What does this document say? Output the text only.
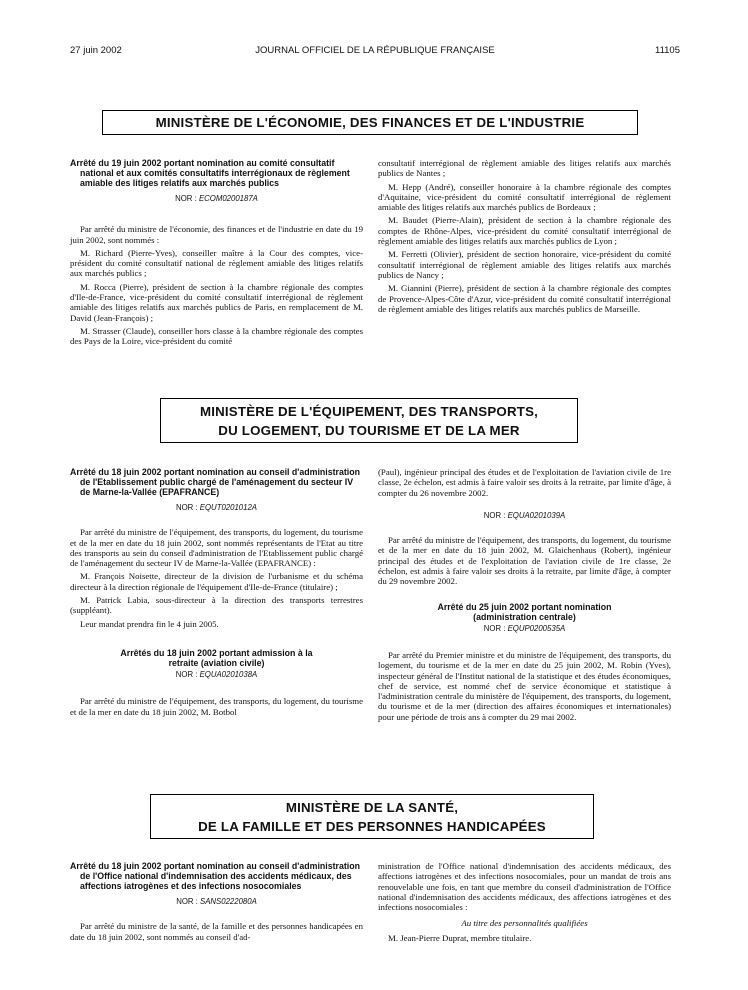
27 juin 2002	JOURNAL OFFICIEL DE LA RÉPUBLIQUE FRANÇAISE	11105
MINISTÈRE DE L'ÉCONOMIE, DES FINANCES ET DE L'INDUSTRIE
Arrêté du 19 juin 2002 portant nomination au comité consultatif national et aux comités consultatifs interrégionaux de règlement amiable des litiges relatifs aux marchés publics
NOR : ECOM0200187A

Par arrêté du ministre de l'économie, des finances et de l'industrie en date du 19 juin 2002, sont nommés :

M. Richard (Pierre-Yves), conseiller maître à la Cour des comptes, vice-président du comité consultatif national de règlement amiable des litiges relatifs aux marchés publics ;

M. Rocca (Pierre), président de section à la chambre régionale des comptes d'Ile-de-France, vice-président du comité consultatif interrégional de règlement amiable des litiges relatifs aux marchés publics de Paris, en remplacement de M. David (Jean-François) ;

M. Strasser (Claude), conseiller hors classe à la chambre régionale des comptes des Pays de la Loire, vice-président du comité

consultatif interrégional de règlement amiable des litiges relatifs aux marchés publics de Nantes ;

M. Hepp (André), conseiller honoraire à la chambre régionale des comptes d'Aquitaine, vice-président du comité consultatif interrégional de règlement amiable des litiges relatifs aux marchés publics de Bordeaux ;

M. Baudet (Pierre-Alain), président de section à la chambre régionale des comptes de Rhône-Alpes, vice-président du comité consultatif interrégional de règlement amiable des litiges relatifs aux marchés publics de Lyon ;

M. Ferretti (Olivier), président de section honoraire, vice-président du comité consultatif interrégional de règlement amiable des litiges relatifs aux marchés publics de Nancy ;

M. Giannini (Pierre), président de section à la chambre régionale des comptes de Provence-Alpes-Côte d'Azur, vice-président du comité consultatif interrégional de règlement amiable des litiges relatifs aux marchés publics de Marseille.

MINISTÈRE DE L'ÉQUIPEMENT, DES TRANSPORTS,
DU LOGEMENT, DU TOURISME ET DE LA MER
Arrêté du 18 juin 2002 portant nomination au conseil d'administration de l'Etablissement public chargé de l'aménagement du secteur IV de Marne-la-Vallée (EPAFRANCE)
NOR : EQUT0201012A

Par arrêté du ministre de l'équipement, des transports, du logement, du tourisme et de la mer en date du 18 juin 2002, sont nommés représentants de l'Etat au titre des transports au sein du conseil d'administration de l'Etablissement public chargé de l'aménagement du secteur IV de Marne-la-Vallée (EPAFRANCE) :

M. François Noisette, directeur de la division de l'urbanisme et du schéma directeur à la direction régionale de l'équipement d'Ile-de-France (titulaire) ;

M. Patrick Labia, sous-directeur à la direction des transports terrestres (suppléant).

Leur mandat prendra fin le 4 juin 2005.

Arrêtés du 18 juin 2002 portant admission à la retraite (aviation civile)
NOR : EQUA0201038A

Par arrêté du ministre de l'équipement, des transports, du logement, du tourisme et de la mer en date du 18 juin 2002, M. Botbol

(Paul), ingénieur principal des études et de l'exploitation de l'aviation civile de 1re classe, 2e échelon, est admis à faire valoir ses droits à la retraite, par limite d'âge, à compter du 26 novembre 2002.

NOR : EQUA0201039A

Par arrêté du ministre de l'équipement, des transports, du logement, du tourisme et de la mer en date du 18 juin 2002, M. Glaichenhaus (Robert), ingénieur principal des études et de l'exploitation de l'aviation civile de 1re classe, 2e échelon, est admis à faire valoir ses droits à la retraite, par limite d'âge, à compter du 29 novembre 2002.

Arrêté du 25 juin 2002 portant nomination (administration centrale)
NOR : EQUP0200535A

Par arrêté du Premier ministre et du ministre de l'équipement, des transports, du logement, du tourisme et de la mer en date du 25 juin 2002, M. Robin (Yves), inspecteur général de l'Institut national de la statistique et des études économiques, chef de service, est nommé chef de service économique et statistique à l'administration centrale du ministère de l'équipement, des transports, du logement, du tourisme et de la mer (direction des affaires économiques et internationales) pour une période de trois ans à compter du 29 mai 2002.

MINISTÈRE DE LA SANTÉ,
DE LA FAMILLE ET DES PERSONNES HANDICAPÉES
Arrêté du 18 juin 2002 portant nomination au conseil d'administration de l'Office national d'indemnisation des accidents médicaux, des affections iatrogènes et des infections nosocomiales
NOR : SANS0222080A

Par arrêté du ministre de la santé, de la famille et des personnes handicapées en date du 18 juin 2002, sont nommés au conseil d'ad-

ministration de l'Office national d'indemnisation des accidents médicaux, des affections iatrogènes et des infections nosocomiales, pour un mandat de trois ans renouvelable une fois, en tant que membre du conseil d'administration de l'Office national d'indemnisation des accidents médicaux, des affections iatrogènes et des infections nosocomiales :

Au titre des personnalités qualifiées

M. Jean-Pierre Duprat, membre titulaire.
